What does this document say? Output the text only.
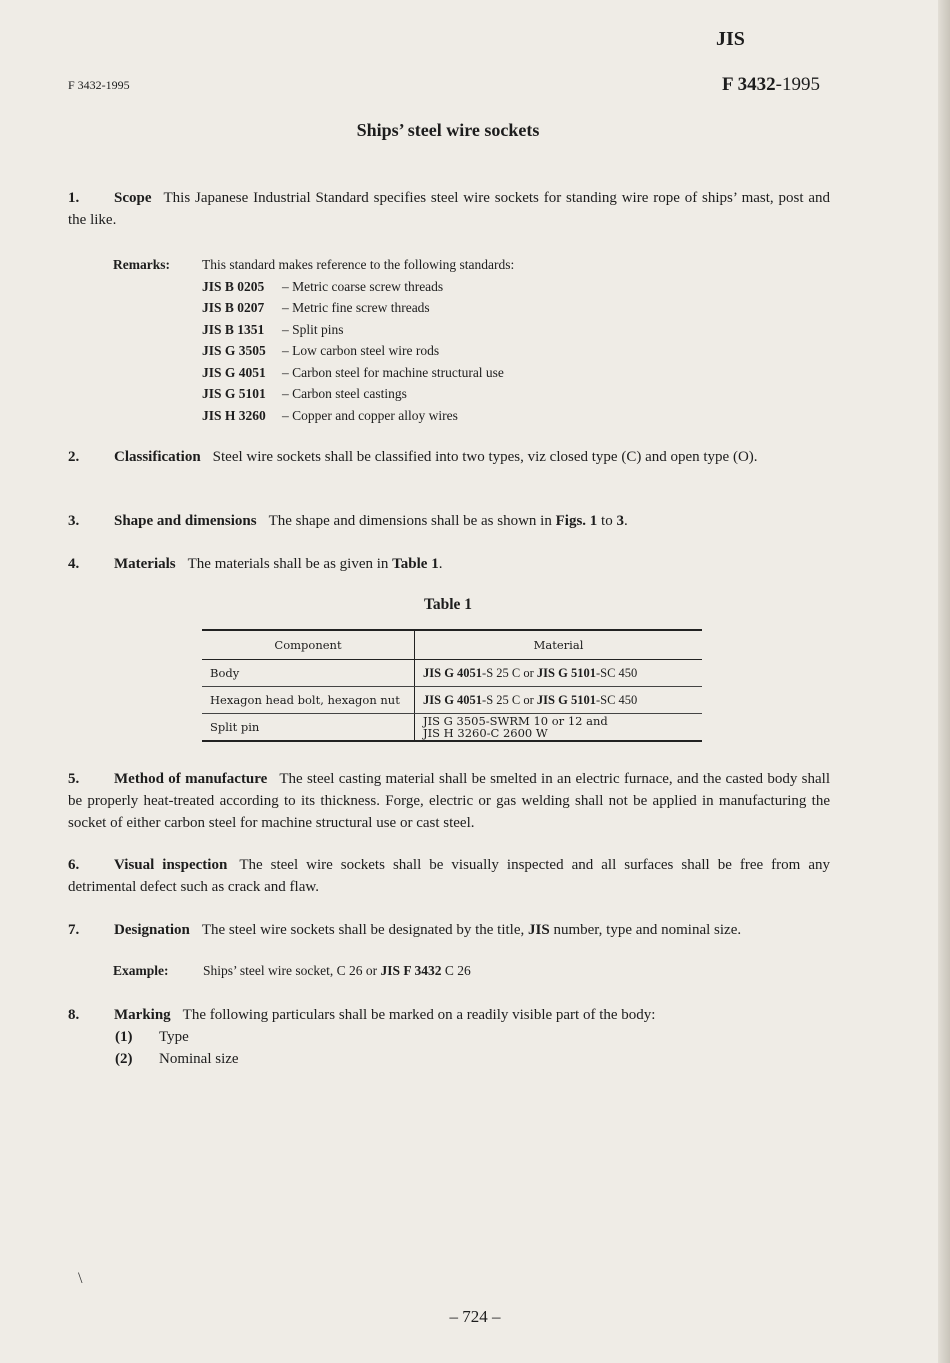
JIS
F 3432-1995	F 3432-1995
Ships’ steel wire sockets
1. Scope This Japanese Industrial Standard specifies steel wire sockets for standing wire rope of ships’ mast, post and the like.
Remarks: This standard makes reference to the following standards:
JIS B 0205 – Metric coarse screw threads
JIS B 0207 – Metric fine screw threads
JIS B 1351 – Split pins
JIS G 3505 – Low carbon steel wire rods
JIS G 4051 – Carbon steel for machine structural use
JIS G 5101 – Carbon steel castings
JIS H 3260 – Copper and copper alloy wires
2. Classification Steel wire sockets shall be classified into two types, viz closed type (C) and open type (O).
3. Shape and dimensions The shape and dimensions shall be as shown in Figs. 1 to 3.
4. Materials The materials shall be as given in Table 1.
Table 1
Component	Material
Body	JIS G 4051-S 25 C or JIS G 5101-SC 450
Hexagon head bolt, hexagon nut	JIS G 4051-S 25 C or JIS G 5101-SC 450
Split pin	JIS G 3505-SWRM 10 or 12 and
JIS H 3260-C 2600 W
5. Method of manufacture The steel casting material shall be smelted in an electric furnace, and the casted body shall be properly heat-treated according to its thickness. Forge, electric or gas welding shall not be applied in manufacturing the socket of either carbon steel for machine structural use or cast steel.
6. Visual inspection The steel wire sockets shall be visually inspected and all surfaces shall be free from any detrimental defect such as crack and flaw.
7. Designation The steel wire sockets shall be designated by the title, JIS number, type and nominal size.
Example:	Ships’ steel wire socket, C 26 or JIS F 3432 C 26
8. Marking The following particulars shall be marked on a readily visible part of the body:
(1) Type
(2) Nominal size
\
– 724 –
